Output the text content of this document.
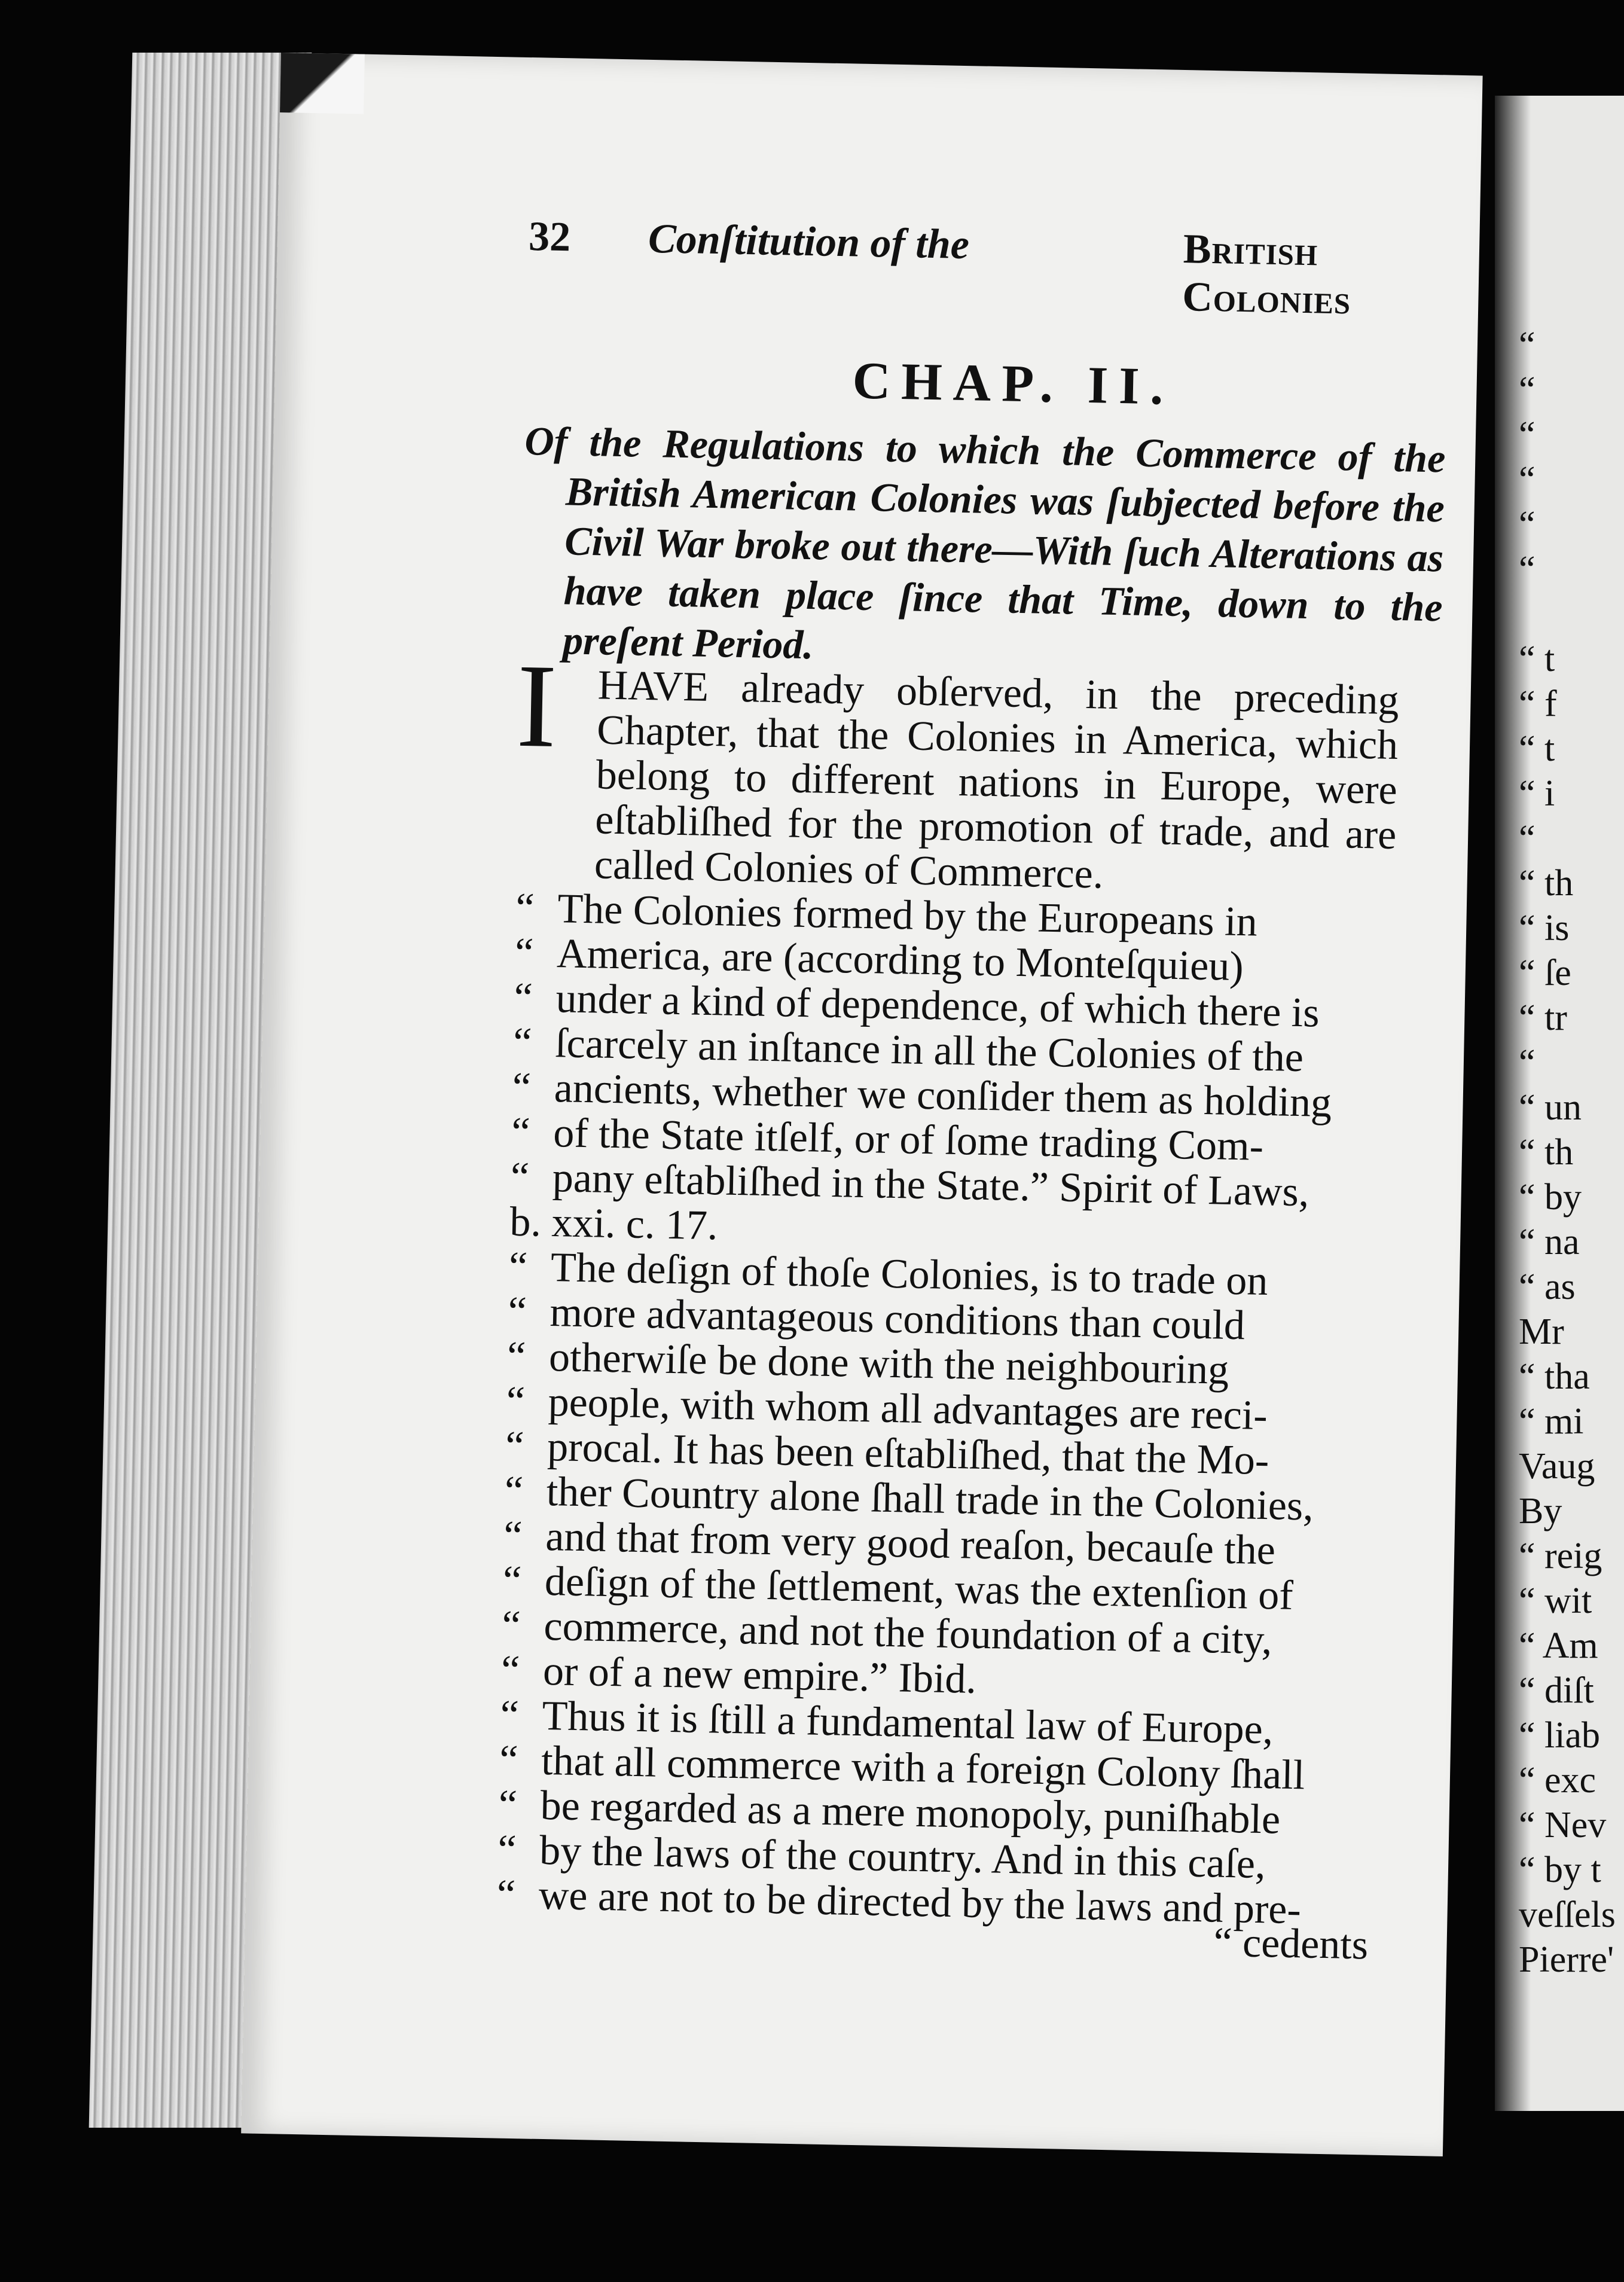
32 Conſtitution of the	British Colonies
CHAP. II.
Of the Regulations to which the Commerce of the British American Colonies was ſubjected before the Civil War broke out there—With ſuch Alterations as have taken place ſince that Time, down to the preſent Period.

I HAVE already obſerved, in the preceding Chapter, that the Colonies in America, which belong to different nations in Europe, were eſtabliſhed for the promotion of trade, and are called Colonies of Commerce.

“ The Colonies formed by the Europeans in
“ America, are (according to Monteſquieu)
“ under a kind of dependence, of which there is
“ ſcarcely an inſtance in all the Colonies of the
“ ancients, whether we conſider them as holding
“ of the State itſelf, or of ſome trading Com-
“ pany eſtabliſhed in the State.” Spirit of Laws,

b. xxi. c. 17.

“ The deſign of thoſe Colonies, is to trade on
“ more advantageous conditions than could
“ otherwiſe be done with the neighbouring
“ people, with whom all advantages are reci-
“ procal. It has been eſtabliſhed, that the Mo-
“ ther Country alone ſhall trade in the Colonies,
“ and that from very good reaſon, becauſe the
“ deſign of the ſettlement, was the extenſion of
“ commerce, and not the foundation of a city,
“ or of a new empire.” Ibid.
“ Thus it is ſtill a fundamental law of Europe,
“ that all commerce with a foreign Colony ſhall
“ be regarded as a mere monopoly, puniſhable
“ by the laws of the country. And in this caſe,
“ we are not to be directed by the laws and pre-
“ cedents
“
“
“
“
“
“

“ t
“ f
“ t
“ i
“
“ th
“ is
“ ſe
“ tr
“
“ un
“ th
“ by
“ na
“ as
Mr
“ tha
“ mi
Vaug
By
“ reig
“ wit
“ Am
“ diſt
“ liab
“ exc
“ Nev
“ by t
veſſels
Pierre'
